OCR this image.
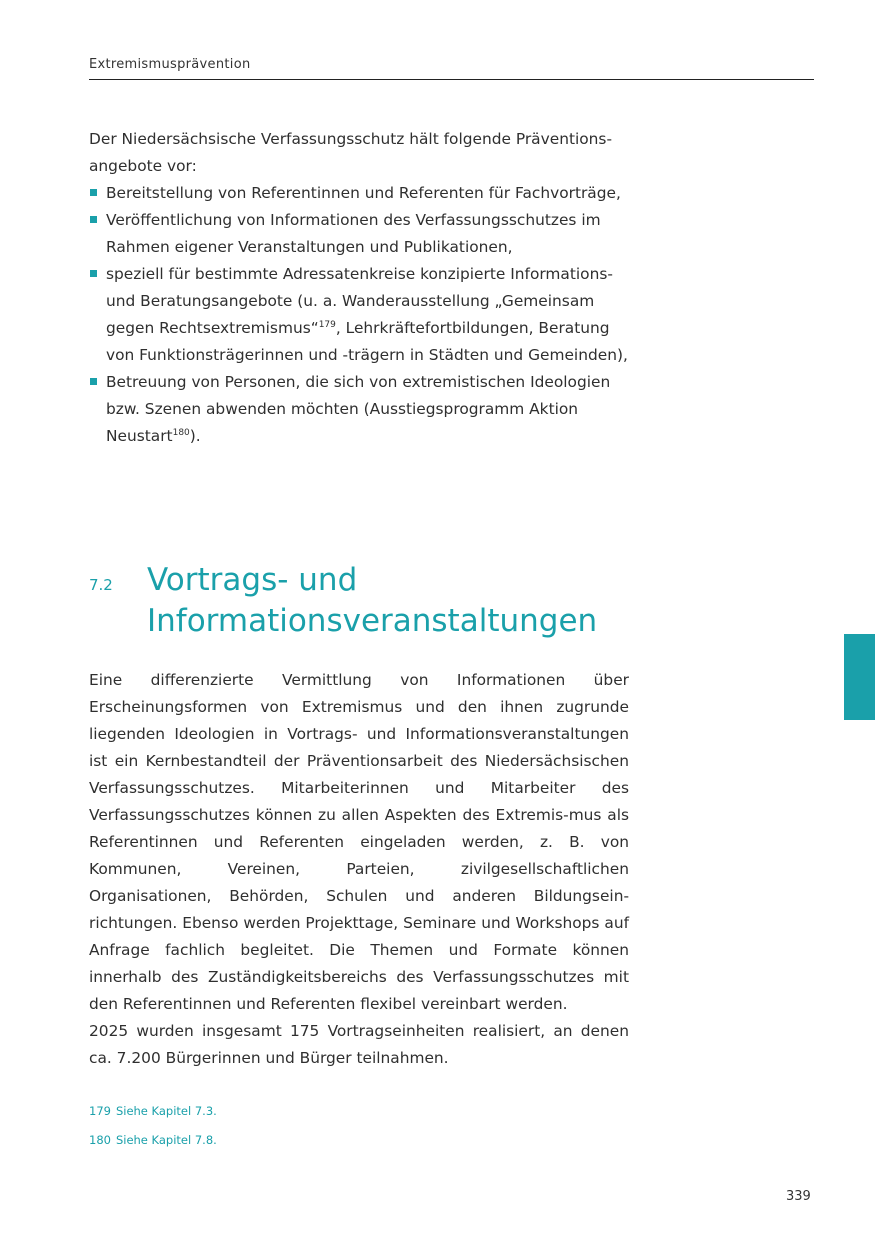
Extremismusprävention
Der Niedersächsische Verfassungsschutz hält folgende Präventions-angebote vor:
Bereitstellung von Referentinnen und Referenten für Fachvorträge,
Veröffentlichung von Informationen des Verfassungsschutzes im Rahmen eigener Veranstaltungen und Publikationen,
speziell für bestimmte Adressatenkreise konzipierte Informations- und Beratungsangebote (u. a. Wanderausstellung „Gemeinsam gegen Rechtsextremismus“$^{179}$, Lehrkräftefortbildungen, Beratung von Funktionsträgerinnen und -trägern in Städten und Gemeinden),
Betreuung von Personen, die sich von extremistischen Ideologien bzw. Szenen abwenden möchten (Ausstiegsprogramm Aktion Neustart$^{180}$).
7.2 Vortrags- und Informationsveranstaltungen

Eine differenzierte Vermittlung von Informationen über Erscheinungsformen von Extremismus und den ihnen zugrunde liegenden Ideologien in Vortrags- und Informationsveranstaltungen ist ein Kernbestandteil der Präventionsarbeit des Niedersächsischen Verfassungsschutzes. Mitarbeiterinnen und Mitarbeiter des Verfassungsschutzes können zu allen Aspekten des Extremis-mus als Referentinnen und Referenten eingeladen werden, z. B. von Kommunen, Vereinen, Parteien, zivilgesellschaftlichen Organisationen, Behörden, Schulen und anderen Bildungsein-richtungen. Ebenso werden Projekttage, Seminare und Workshops auf Anfrage fachlich begleitet. Die Themen und Formate können innerhalb des Zuständigkeitsbereichs des Verfassungsschutzes mit den Referentinnen und Referenten flexibel vereinbart werden.

2025 wurden insgesamt 175 Vortragseinheiten realisiert, an denen ca. 7.200 Bürgerinnen und Bürger teilnahmen.

179 Siehe Kapitel 7.3.
180 Siehe Kapitel 7.8.
339
